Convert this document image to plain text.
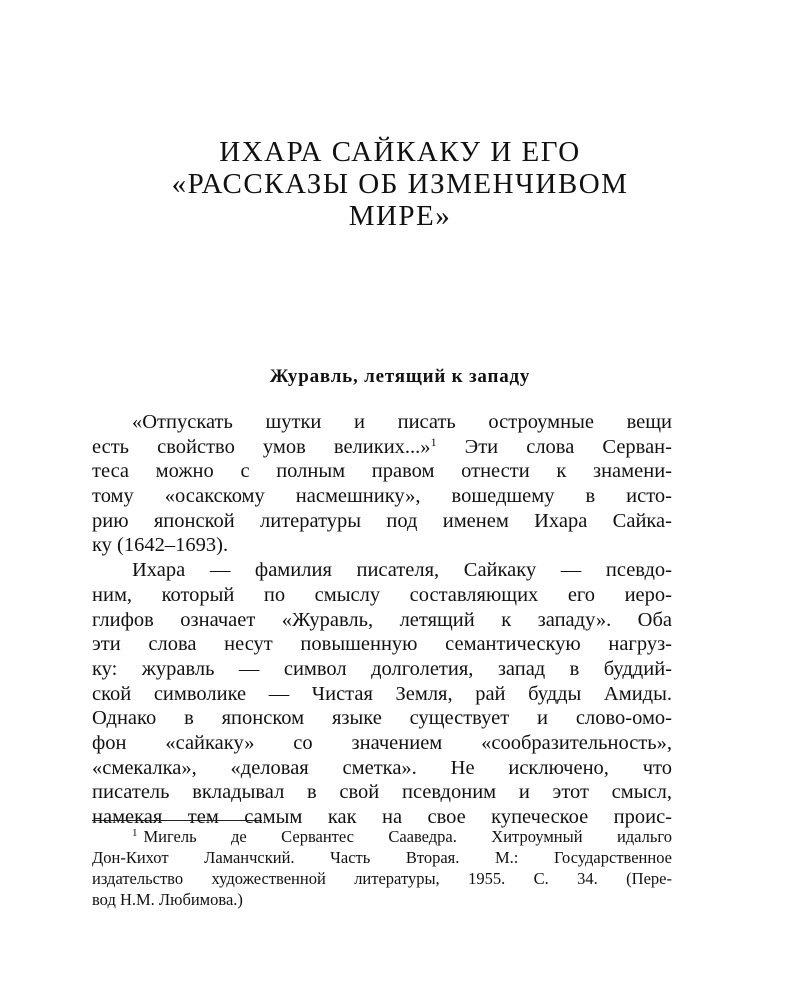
ИХАРА САЙКАКУ И ЕГО
«РАССКАЗЫ ОБ ИЗМЕНЧИВОМ
МИРЕ»
Журавль, летящий к западу
«Отпускать шутки и писать остроумные вещи
есть свойство умов великих...»$^1$ Эти слова Серван-
теса можно с полным правом отнести к знамени-
тому «осакскому насмешнику», вошедшему в исто-
рию японской литературы под именем Ихара Сайка-
ку (1642–1693).
Ихара — фамилия писателя, Сайкаку — псевдо-
ним, который по смыслу составляющих его иеро-
глифов означает «Журавль, летящий к западу». Оба
эти слова несут повышенную семантическую нагруз-
ку: журавль — символ долголетия, запад в буддий-
ской символике — Чистая Земля, рай будды Амиды.
Однако в японском языке существует и слово-омо-
фон «сайкаку» со значением «сообразительность»,
«смекалка», «деловая сметка». Не исключено, что
писатель вкладывал в свой псевдоним и этот смысл,
намекая тем самым как на свое купеческое проис-
$^1$ Мигель де Сервантес Сааведра. Хитроумный идальго
Дон-Кихот Ламанчский. Часть Вторая. М.: Государственное
издательство художественной литературы, 1955. С. 34. (Пере-
вод Н.М. Любимова.)
